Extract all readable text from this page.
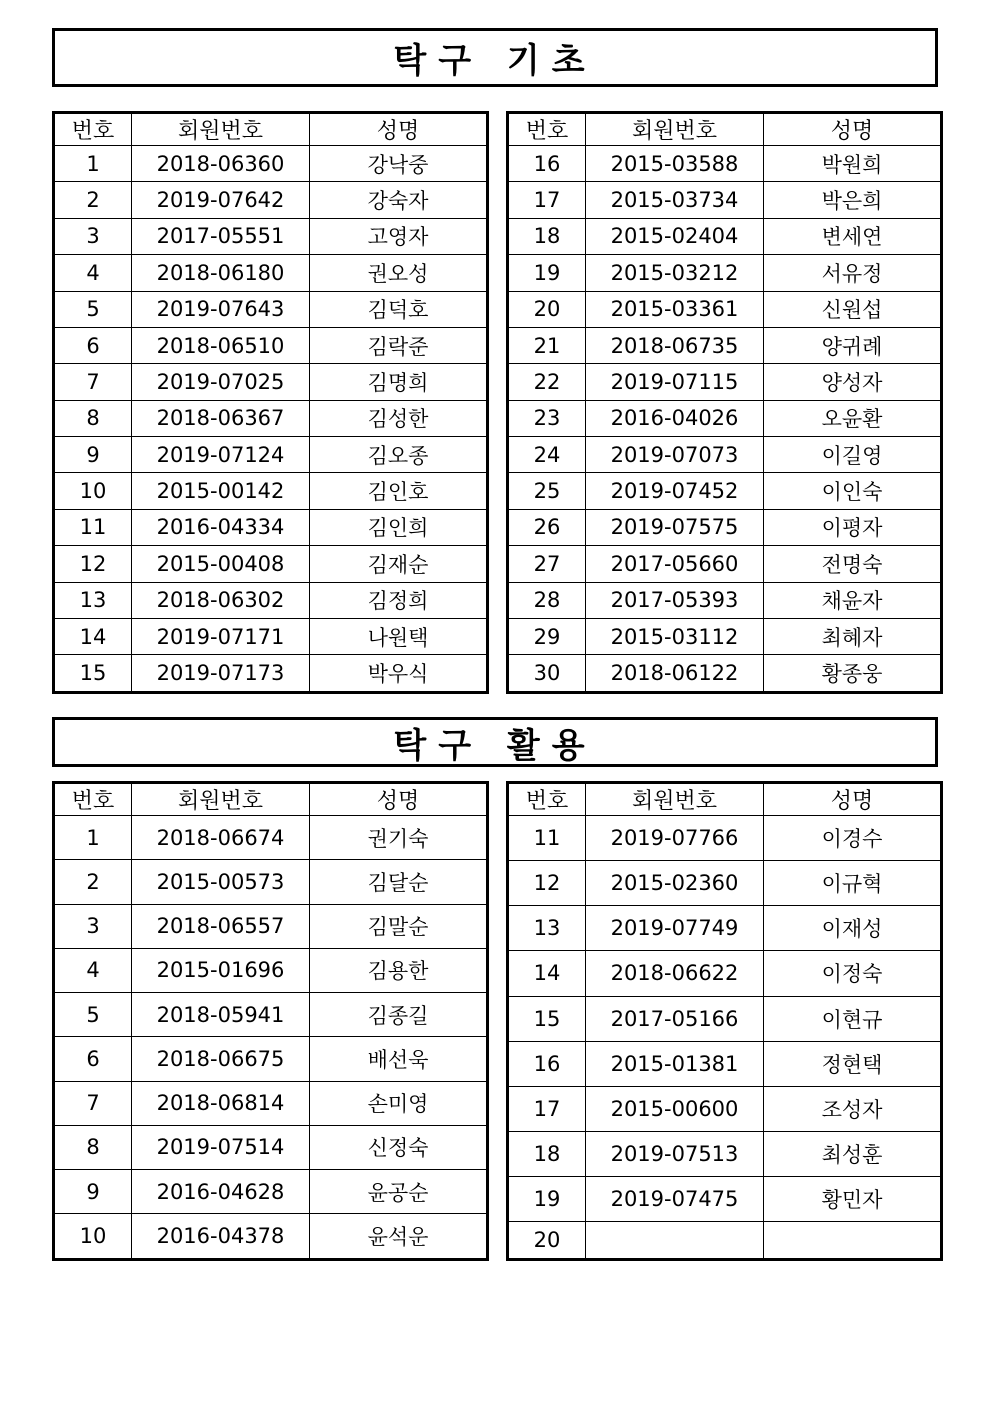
탁구 기초
번호	회원번호	성명
1	2018-06360	강낙중
2	2019-07642	강숙자
3	2017-05551	고영자
4	2018-06180	권오성
5	2019-07643	김덕호
6	2018-06510	김락준
7	2019-07025	김명희
8	2018-06367	김성한
9	2019-07124	김오종
10	2015-00142	김인호
11	2016-04334	김인희
12	2015-00408	김재순
13	2018-06302	김정희
14	2019-07171	나원택
15	2019-07173	박우식
번호	회원번호	성명
16	2015-03588	박원희
17	2015-03734	박은희
18	2015-02404	변세연
19	2015-03212	서유정
20	2015-03361	신원섭
21	2018-06735	양귀례
22	2019-07115	양성자
23	2016-04026	오윤환
24	2019-07073	이길영
25	2019-07452	이인숙
26	2019-07575	이평자
27	2017-05660	전명숙
28	2017-05393	채윤자
29	2015-03112	최혜자
30	2018-06122	황종웅
탁구 활용
번호	회원번호	성명
1	2018-06674	권기숙
2	2015-00573	김달순
3	2018-06557	김말순
4	2015-01696	김용한
5	2018-05941	김종길
6	2018-06675	배선욱
7	2018-06814	손미영
8	2019-07514	신정숙
9	2016-04628	윤공순
10	2016-04378	윤석운
번호	회원번호	성명
11	2019-07766	이경수
12	2015-02360	이규혁
13	2019-07749	이재성
14	2018-06622	이정숙
15	2017-05166	이현규
16	2015-01381	정현택
17	2015-00600	조성자
18	2019-07513	최성훈
19	2019-07475	황민자
20		
